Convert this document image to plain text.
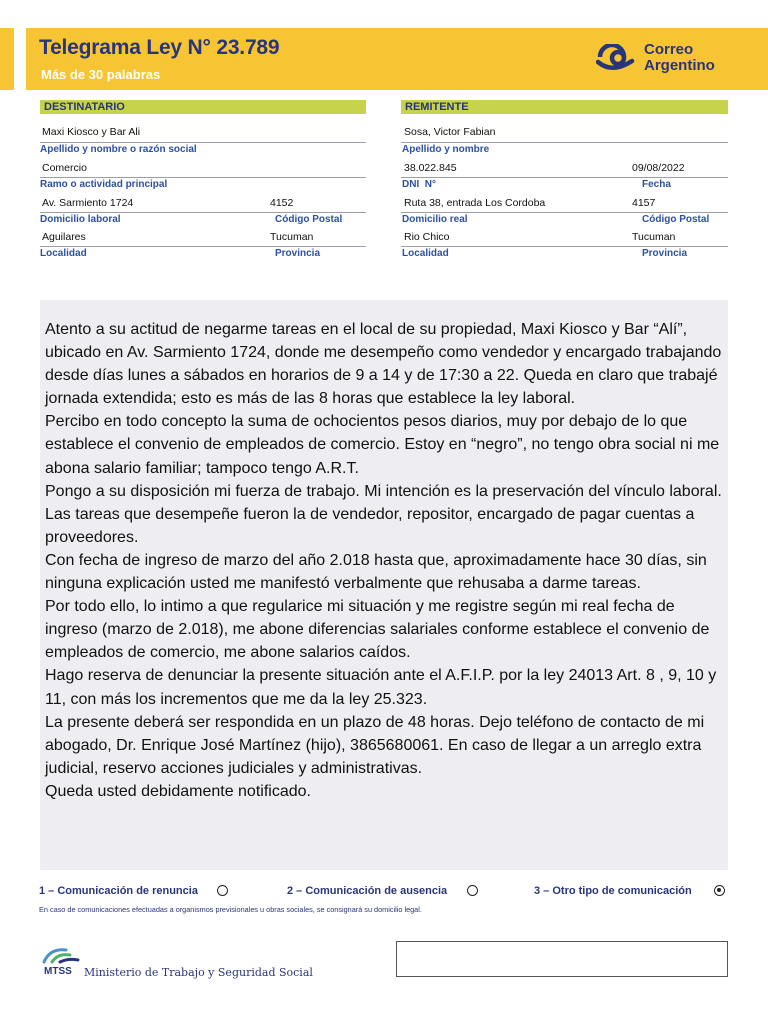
Telegrama Ley N° 23.789
Más de 30 palabras
Correo
Argentino
DESTINATARIO
Maxi Kiosco y Bar Ali
Apellido y nombre o razón social
Comercio
Ramo o actividad principal
Av. Sarmiento 1724	4152
Domicilio laboral	Código Postal
Aguilares	Tucuman
Localidad	Provincia
REMITENTE
Sosa, Victor Fabian
Apellido y nombre
38.022.845	09/08/2022
DNI  N°	Fecha
Ruta 38, entrada Los Cordoba	4157
Domicilio real	Código Postal
Rio Chico	Tucuman
Localidad	Provincia

Atento a su actitud de negarme tareas en el local de su propiedad, Maxi Kiosco y Bar “Alí”, ubicado en Av. Sarmiento 1724, donde me desempeño como vendedor y encargado trabajando desde días lunes a sábados en horarios de 9 a 14 y de 17:30 a 22. Queda en claro que trabajé jornada extendida; esto es más de las 8 horas que establece la ley laboral.

Percibo en todo concepto la suma de ochocientos pesos diarios, muy por debajo de lo que establece el convenio de empleados de comercio. Estoy en “negro”, no tengo obra social ni me abona salario familiar; tampoco tengo A.R.T.

Pongo a su disposición mi fuerza de trabajo. Mi intención es la preservación del vínculo laboral. Las tareas que desempeñe fueron la de vendedor, repositor, encargado de pagar cuentas a proveedores.

Con fecha de ingreso de marzo del año 2.018 hasta que, aproximadamente hace 30 días, sin ninguna explicación usted me manifestó verbalmente que rehusaba a darme tareas.

Por todo ello, lo intimo a que regularice mi situación y me registre según mi real fecha de ingreso (marzo de 2.018), me abone diferencias salariales conforme establece el convenio de empleados de comercio, me abone salarios caídos.

Hago reserva de denunciar la presente situación ante el A.F.I.P. por la ley 24013 Art. 8 , 9, 10 y 11, con más los incrementos que me da la ley 25.323.

La presente deberá ser respondida en un plazo de 48 horas. Dejo teléfono de contacto de mi abogado, Dr. Enrique José Martínez (hijo), 3865680061. En caso de llegar a un arreglo extra judicial, reservo acciones judiciales y administrativas.

Queda usted debidamente notificado.

1 – Comunicación de renuncia	2 – Comunicación de ausencia	3 – Otro tipo de comunicación
En caso de comunicaciones efectuadas a organismos previsionales u obras sociales, se consignará su domicilio legal.
MTSS Ministerio de Trabajo y Seguridad Social
